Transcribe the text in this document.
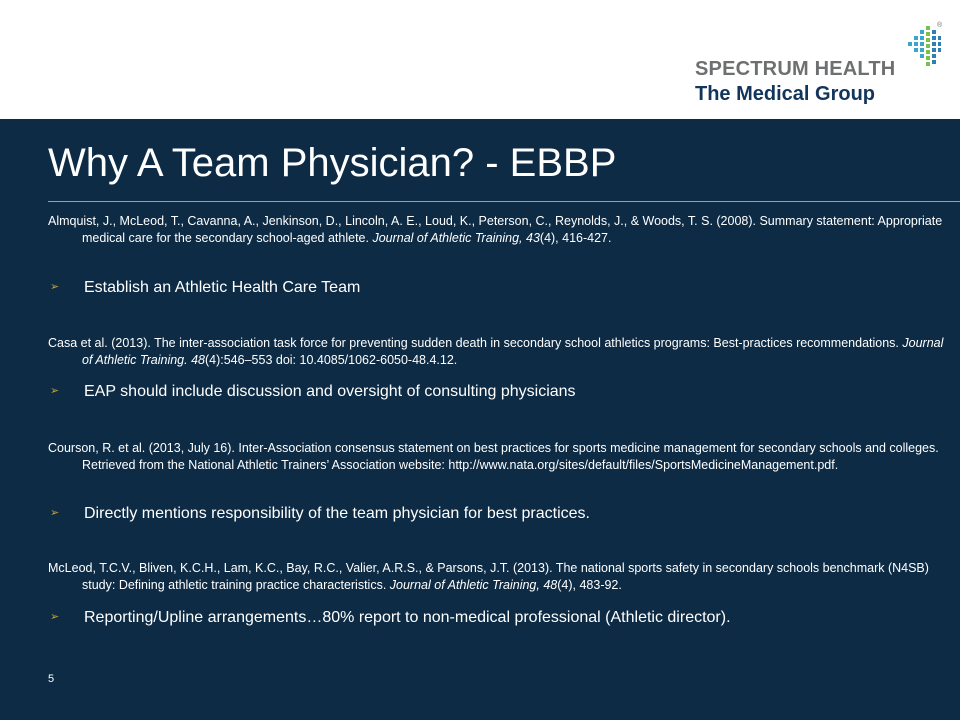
®
SPECTRUM HEALTH
The Medical Group
Why A Team Physician? - EBBP
Almquist, J., McLeod, T., Cavanna, A., Jenkinson, D., Lincoln, A. E., Loud, K., Peterson, C., Reynolds, J., & Woods, T. S. (2008). Summary statement: Appropriate medical care for the secondary school-aged athlete. Journal of Athletic Training, 43(4), 416-427.
➢ Establish an Athletic Health Care Team
Casa et al. (2013). The inter-association task force for preventing sudden death in secondary school athletics programs: Best-practices recommendations. Journal of Athletic Training. 48(4):546–553 doi: 10.4085/1062-6050-48.4.12.
➢ EAP should include discussion and oversight of consulting physicians
Courson, R. et al. (2013, July 16). Inter-Association consensus statement on best practices for sports medicine management for secondary schools and colleges. Retrieved from the National Athletic Trainers’ Association website: http://www.nata.org/sites/default/files/SportsMedicineManagement.pdf.
➢ Directly mentions responsibility of the team physician for best practices.
McLeod, T.C.V., Bliven, K.C.H., Lam, K.C., Bay, R.C., Valier, A.R.S., & Parsons, J.T. (2013). The national sports safety in secondary schools benchmark (N4SB) study: Defining athletic training practice characteristics. Journal of Athletic Training, 48(4), 483-92.
➢ Reporting/Upline arrangements…80% report to non-medical professional (Athletic director).
5
